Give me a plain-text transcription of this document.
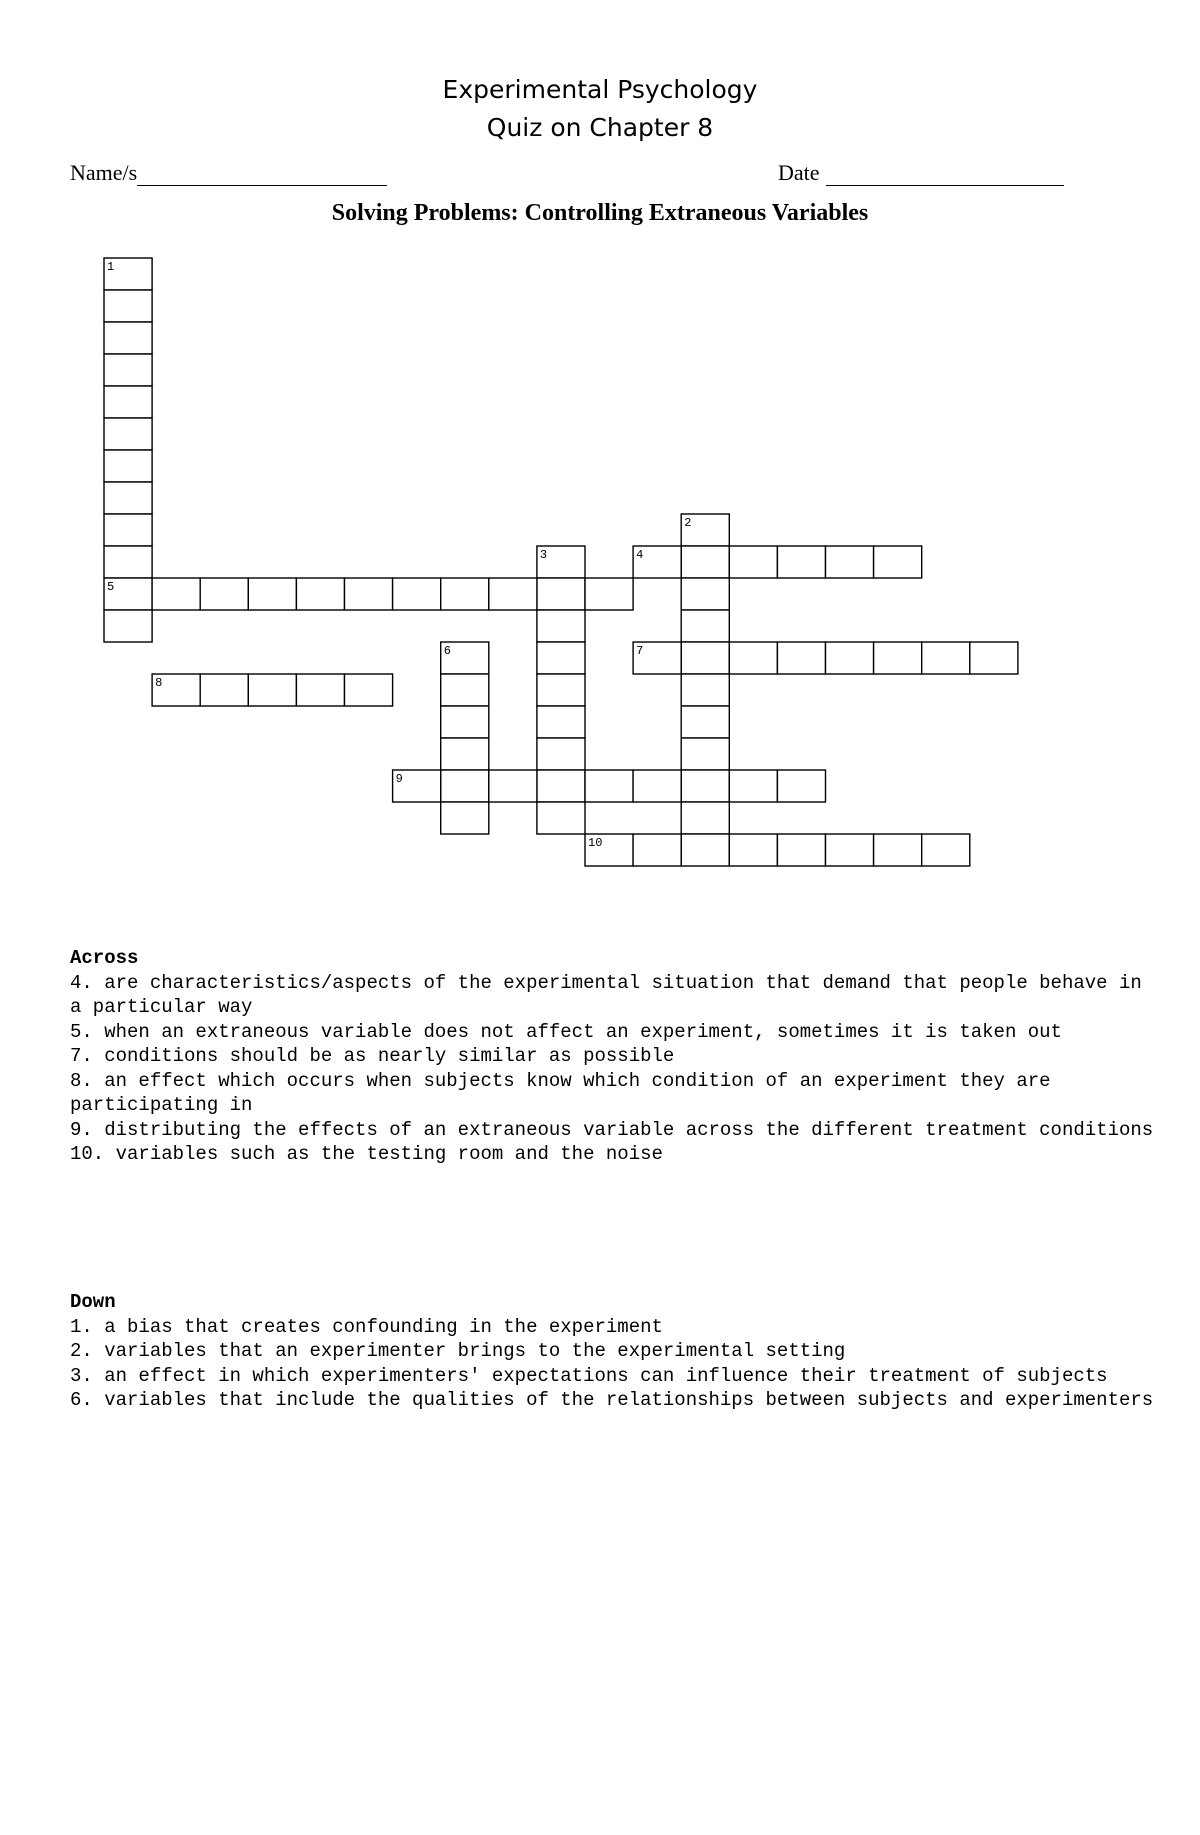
Experimental Psychology
Quiz on Chapter 8
Name/s	Date
Solving Problems: Controlling Extraneous Variables
1
2
3	4
5
6	7
8
9
10
Across
4. are characteristics/aspects of the experimental situation that demand that people behave in a particular way
5. when an extraneous variable does not affect an experiment, sometimes it is taken out
7. conditions should be as nearly similar as possible
8. an effect which occurs when subjects know which condition of an experiment they are participating in
9. distributing the effects of an extraneous variable across the different treatment conditions
10. variables such as the testing room and the noise
Down
1. a bias that creates confounding in the experiment
2. variables that an experimenter brings to the experimental setting
3. an effect in which experimenters' expectations can influence their treatment of subjects
6. variables that include the qualities of the relationships between subjects and experimenters
